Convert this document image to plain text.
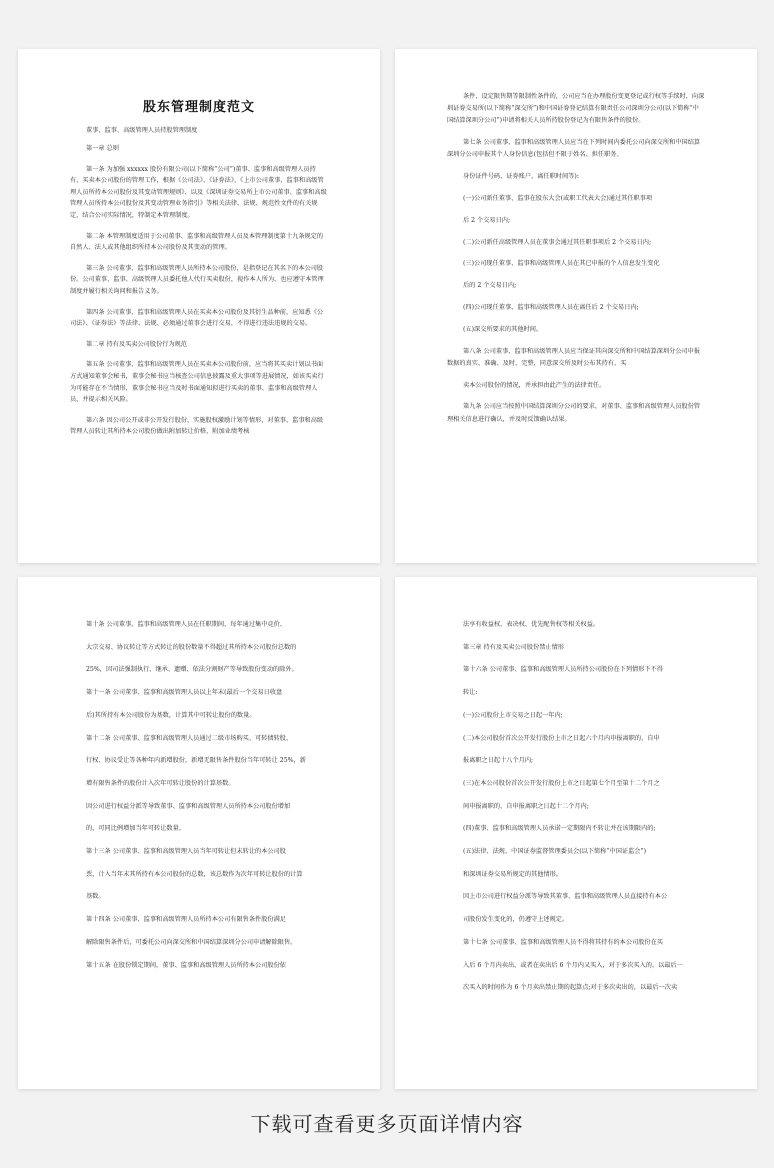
股东管理制度范文
董事、监事、高级管理人员持股管理制度

第一章 总则

第一条 为加强 xxxxxx 股份有限公司(以下简称“公司”)董事、监事和高级管理人员持有、买卖本公司股份的管理工作，根据《公司法》、《证券法》、《上市公司董事、监事和高级管理人员所持本公司股份及其变动管理规则》、以及《深圳证券交易所上市公司董事、监事和高级管理人员所持本公司股份及其变动管理业务指引》等相关法律、法规、规范性文件的有关规定，结合公司实际情况，特制定本管理制度。

第二条 本管理制度适用于公司董事、监事和高级管理人员及本管理制度第十九条规定的自然人、法人或其他组织所持本公司股份及其变动的管理。

第三条 公司董事、监事和高级管理人员所持本公司股份，是指登记在其名下的本公司股份。公司董事、监事、高级管理人员委托他人代行买卖股份，视作本人所为，也应遵守本管理制度并履行相关询问和报告义务。

第四条 公司董事、监事和高级管理人员在买卖本公司股份及其衍生品种前，应知悉《公司法》、《证券法》等法律、法规、必须通过董事会进行交易，不得进行违法违规的交易。

第二章 持有及买卖公司股份行为规范

第五条 公司董事、监事和高级管理人员在买卖本公司股份前，应当将其买卖计划以书面方式通知董事会秘书，董事会秘书应当核查公司信息披露及重大事项等进展情况，如该买卖行为可能存在不当情形，董事会秘书应当及时书面通知拟进行买卖的董事、监事和高级管理人员，并提示相关风险。

第六条 因公司公开或非公开发行股份、实施股权激励计划等情形，对董事、监事和高级管理人员转让其所持本公司股份做出附加转让价格、附加业绩考核

条件、设定限售期等限制性条件的，公司应当在办理股份变更登记或行权等手续时，向深圳证券交易所(以下简称“深交所”)和中国证券登记结算有限责任公司深圳分公司(以下简称“中国结算深圳分公司”)申请将相关人员所持股份登记为有限售条件的股份。

第七条 公司董事、监事和高级管理人员应当在下列时间内委托公司向深交所和中国结算深圳分公司申报其个人身份信息(包括但不限于姓名、担任职务、

身份证件号码、证券账户、离任职时间等):

(一)公司新任董事、监事在股东大会(或职工代表大会)通过其任职事项

后 2 个交易日内;

(二)公司新任高级管理人员在董事会通过其任职事项后 2 个交易日内;

(三)公司现任董事、监事和高级管理人员在其已申报的个人信息发生变化

后的 2 个交易日内;

(四)公司现任董事、监事和高级管理人员在离任后 2 个交易日内;

(五)深交所要求的其他时间。

第八条 公司董事、监事和高级管理人员应当保证其向深交所和中国结算深圳分公司申报数据的真实、准确、及时、完整，同意深交所及时公布其持有、买

卖本公司股份的情况，并承担由此产生的法律责任。

第九条 公司应当按照中国结算深圳分公司的要求，对董事、监事和高级管理人员股份管理相关信息进行确认，并及时反馈确认结果。

第十条 公司董事、监事和高级管理人员在任职期间，每年通过集中竞价、

大宗交易、协议转让等方式转让的股份数量不得超过其所持本公司股份总数的

25%，因司法强制执行、继承、遗赠、依法分割财产等导致股份变动的除外。

第十一条 公司董事、监事和高级管理人员以上年末(最后一个交易日收盘

后)其所持有本公司股份为基数，计算其中可转让股份的数量。

第十二条 公司董事、监事和高级管理人员通过二级市场购买、可转债转股、

行权、协议受让等各种年内新增股份，新增无限售条件股份当年可转让 25%，新

增有限售条件的股份计入次年可转让股份的计算基数。

因公司进行权益分派等导致董事、监事和高级管理人员所持本公司股份增加

的，可同比例增加当年可转让数量。

第十三条 公司董事、监事和高级管理人员当年可转让但未转让的本公司股

票，计入当年末其所持有本公司股份的总数，该总数作为次年可转让股份的计算

基数。

第十四条 公司董事、监事和高级管理人员所持本公司有限售条件股份满足

解除限售条件后，可委托公司向深交所和中国结算深圳分公司申请解除限售。

第十五条 在股份锁定期间，董事、监事和高级管理人员所持本公司股份依

法享有收益权、表决权、优先配售权等相关权益。

第三章 持有及买卖公司股份禁止情形

第十六条 公司董事、监事和高级管理人员所持公司股份在下列情形下不得

转让:

(一)公司股份上市交易之日起一年内;

(二)本公司股份首次公开发行股份上市之日起六个月内申报离职的，自申

报离职之日起十八个月内;

(三)在本公司股份首次公开发行股份上市之日起第七个月至第十二个月之

间申报离职的，自申报离职之日起十二个月内;

(四)董事、监事和高级管理人员承诺一定期限内不转让并在该期限内的;

(五)法律、法规、中国证券监督管理委员会(以下简称“中国证监会”)

和深圳证券交易所规定的其他情形。

因上市公司进行权益分派等导致其董事、监事和高级管理人员直接持有本公

司股份发生变化的，仍遵守上述规定。

第十七条 公司董事、监事和高级管理人员不得将其持有的本公司股份在买

入后 6 个月内卖出，或者在卖出后 6 个月内又买入，对于多次买入的，以最后一

次买入的时间作为 6 个月卖出禁止期的起算点;对于多次卖出的，以最后一次卖

下载可查看更多页面详情内容
